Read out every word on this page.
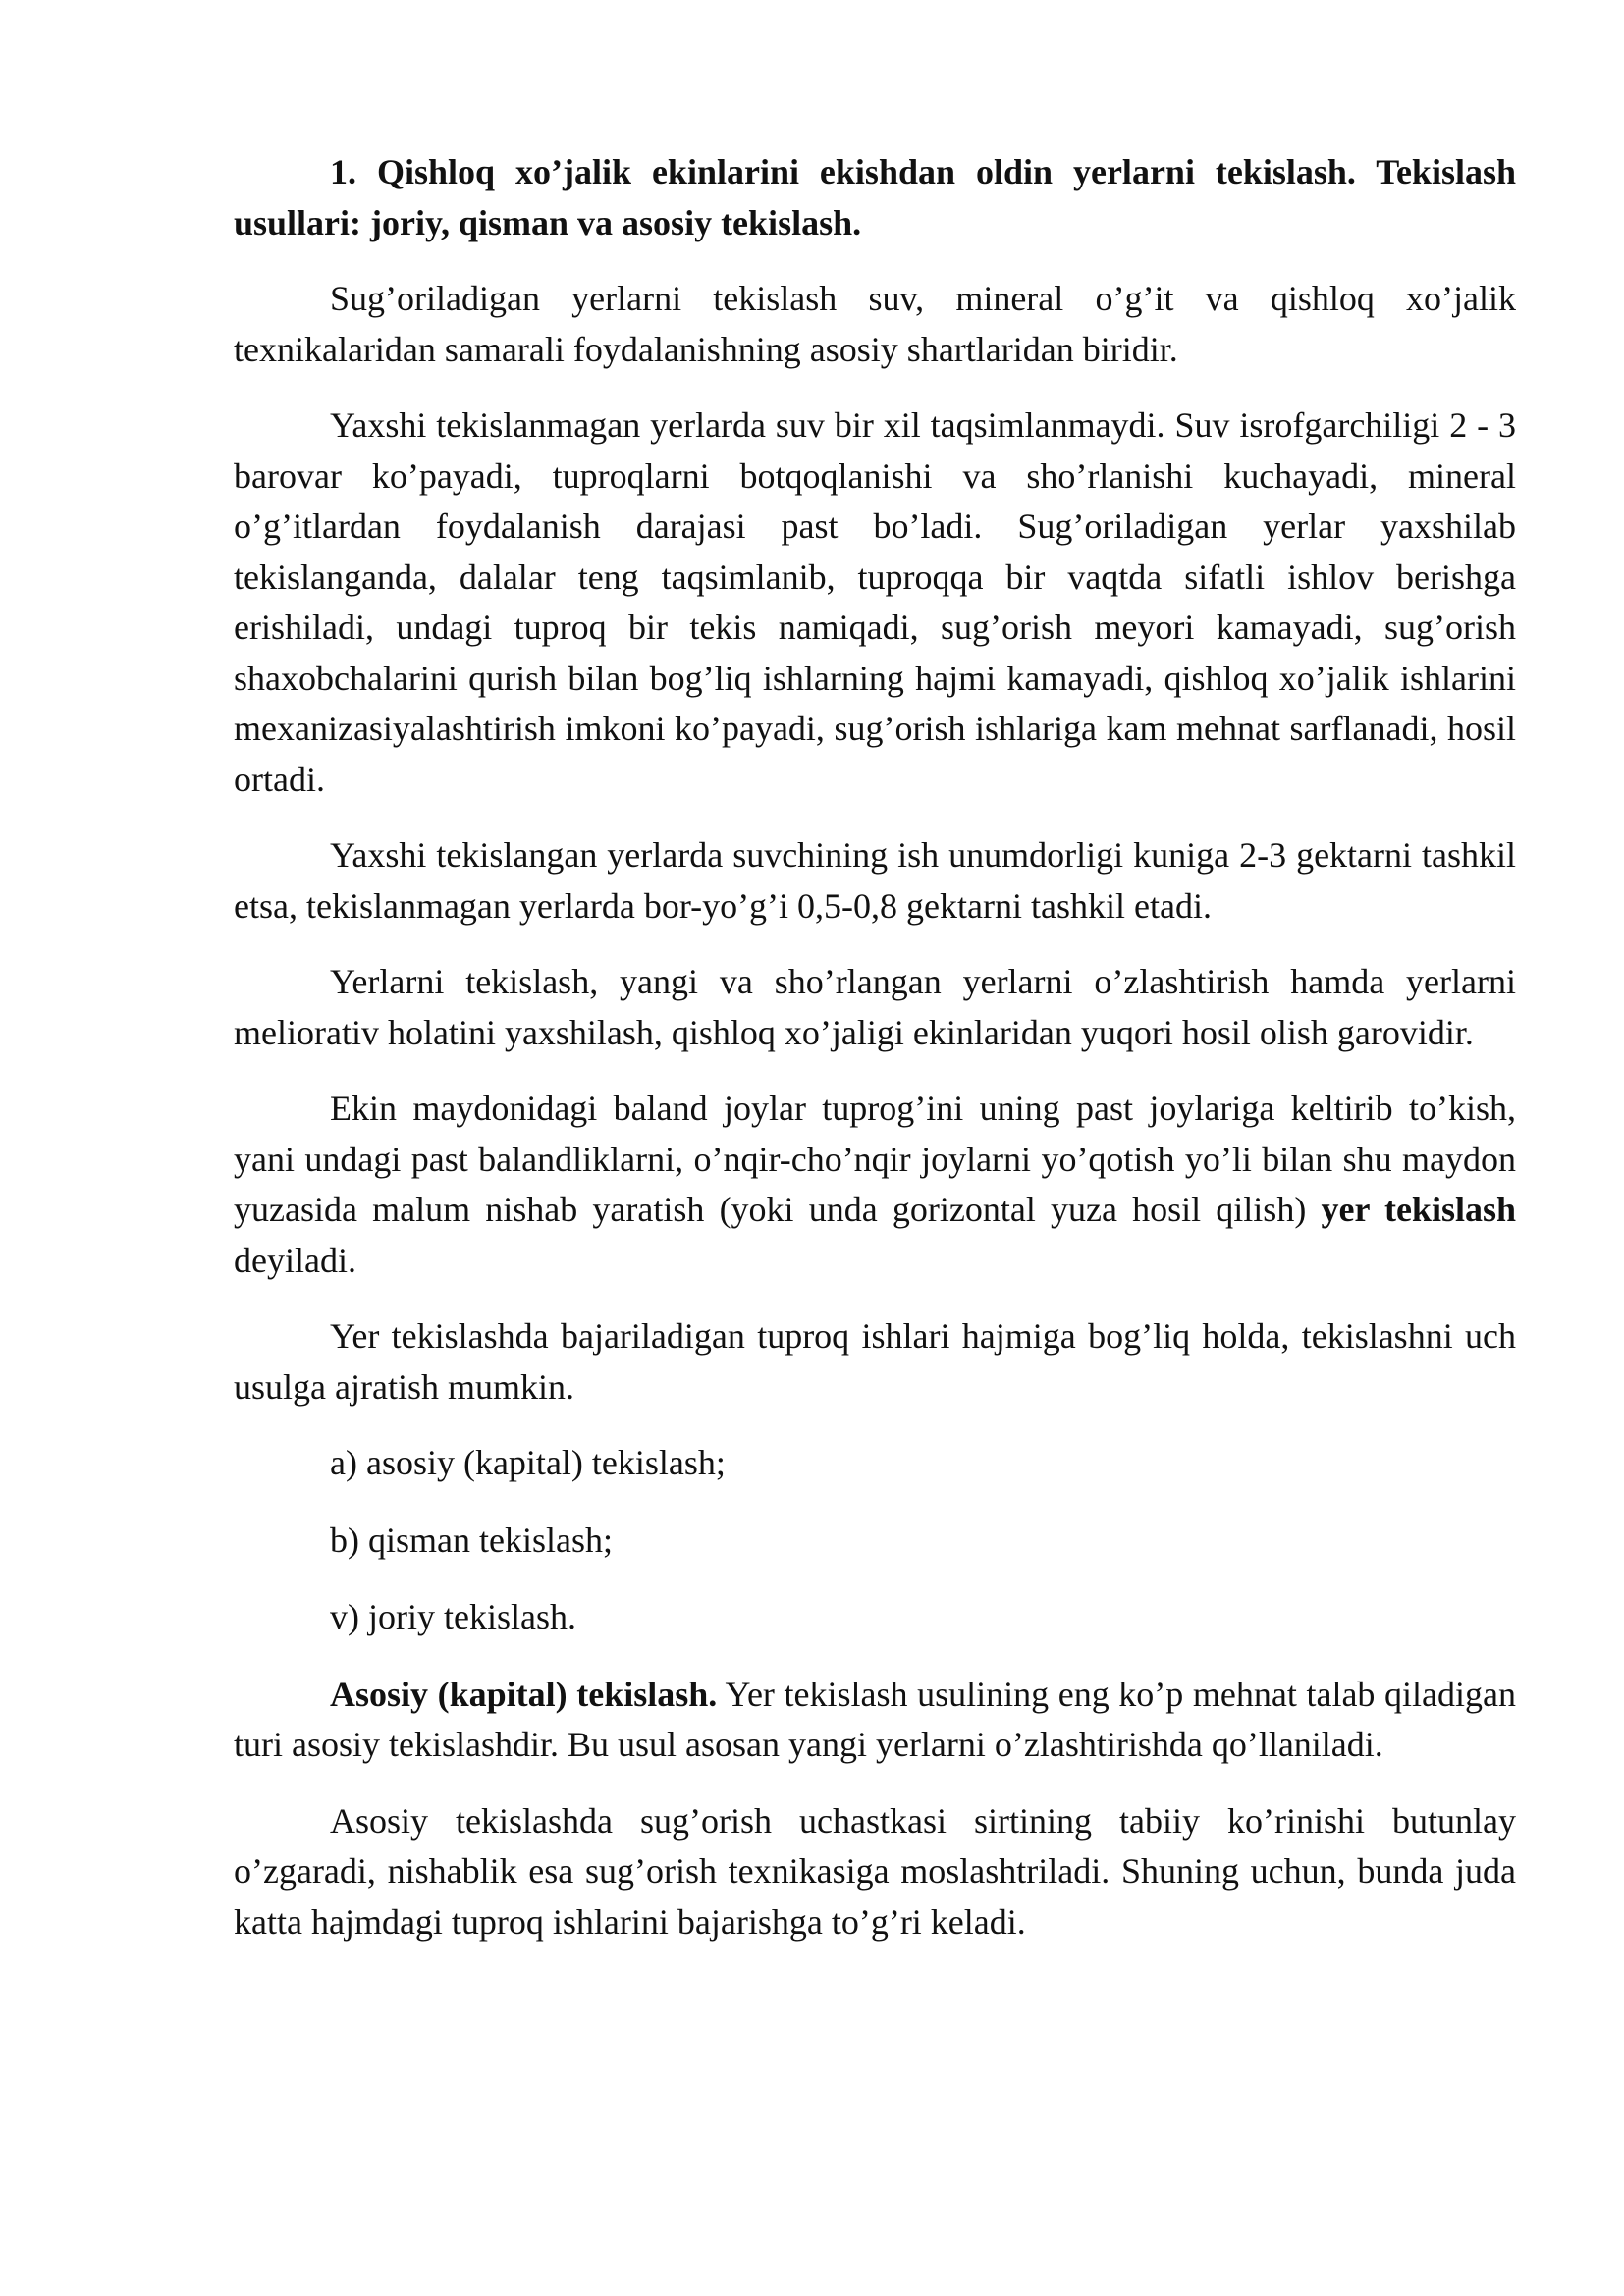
1. Qishloq xo’jalik ekinlarini ekishdan oldin yerlarni tekislash. Tekislash usullari: joriy, qisman va asosiy tekislash.

Sug’oriladigan yerlarni tekislash suv, mineral o’g’it va qishloq xo’jalik texnikalaridan samarali foydalanishning asosiy shartlaridan biridir.

Yaxshi tekislanmagan yerlarda suv bir xil taqsimlanmaydi. Suv isrofgarchiligi 2 - 3 barovar ko’payadi, tuproqlarni botqoqlanishi va sho’rlanishi kuchayadi, mineral o’g’itlardan foydalanish darajasi past bo’ladi. Sug’oriladigan yerlar yaxshilab tekislanganda, dalalar teng taqsimlanib, tuproqqa bir vaqtda sifatli ishlov berishga erishiladi, undagi tuproq bir tekis namiqadi, sug’orish meyori kamayadi, sug’orish shaxobchalarini qurish bilan bog’liq ishlarning hajmi kamayadi, qishloq xo’jalik ishlarini mexanizasiyalashtirish imkoni ko’payadi, sug’orish ishlariga kam mehnat sarflanadi, hosil ortadi.

Yaxshi tekislangan yerlarda suvchining ish unumdorligi kuniga 2-3 gektarni tashkil etsa, tekislanmagan yerlarda bor-yo’g’i 0,5-0,8 gektarni tashkil etadi.

Yerlarni tekislash, yangi va sho’rlangan yerlarni o’zlashtirish hamda yerlarni meliorativ holatini yaxshilash, qishloq xo’jaligi ekinlaridan yuqori hosil olish garovidir.

Ekin maydonidagi baland joylar tuprog’ini uning past joylariga keltirib to’kish, yani undagi past balandliklarni, o’nqir-cho’nqir joylarni yo’qotish yo’li bilan shu maydon yuzasida malum nishab yaratish (yoki unda gorizontal yuza hosil qilish) yer tekislash deyiladi.

Yer tekislashda bajariladigan tuproq ishlari hajmiga bog’liq holda, tekislashni uch usulga ajratish mumkin.

a) asosiy (kapital) tekislash;

b) qisman tekislash;

v) joriy tekislash.

Asosiy (kapital) tekislash. Yer tekislash usulining eng ko’p mehnat talab qiladigan turi asosiy tekislashdir. Bu usul asosan yangi yerlarni o’zlashtirishda qo’llaniladi.

Asosiy tekislashda sug’orish uchastkasi sirtining tabiiy ko’rinishi butunlay o’zgaradi, nishablik esa sug’orish texnikasiga moslashtriladi. Shuning uchun, bunda juda katta hajmdagi tuproq ishlarini bajarishga to’g’ri keladi.
